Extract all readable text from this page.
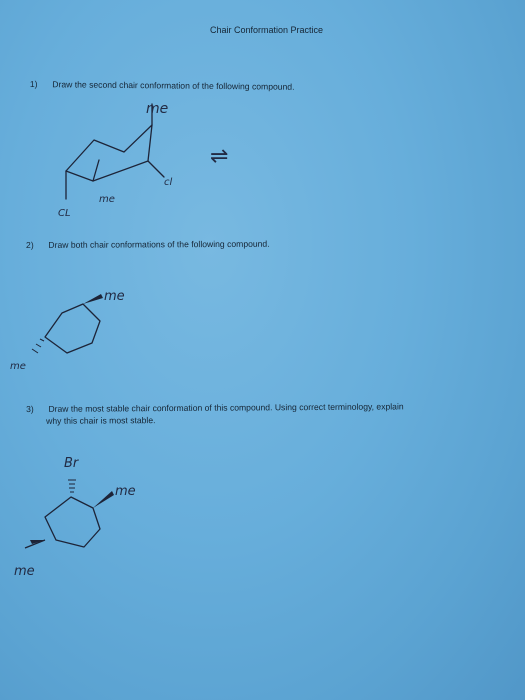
Chair Conformation Practice
1) Draw the second chair conformation of the following compound.
2) Draw both chair conformations of the following compound.
3) Draw the most stable chair conformation of this compound. Using correct terminology, explain
why this chair is most stable.
me
me
cl
CL
⇌
me
me
Br
me
me
